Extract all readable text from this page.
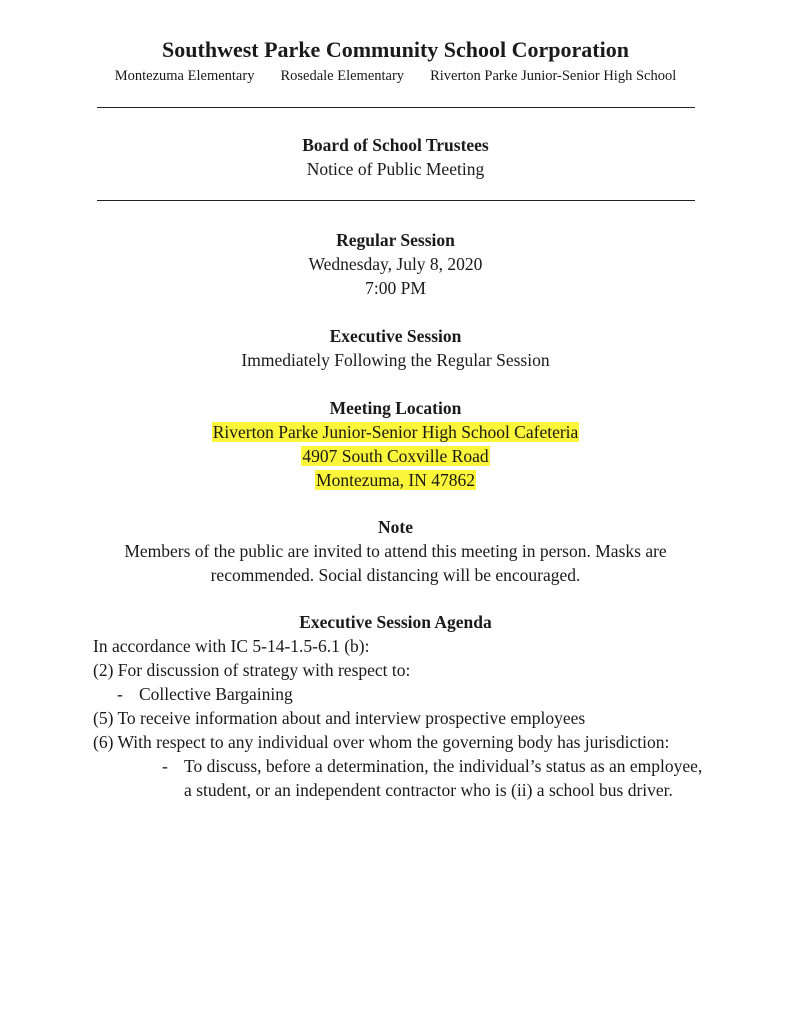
Southwest Parke Community School Corporation
Montezuma Elementary Rosedale Elementary Riverton Parke Junior-Senior High School
Board of School Trustees
Notice of Public Meeting
Regular Session
Wednesday, July 8, 2020
7:00 PM
Executive Session
Immediately Following the Regular Session
Meeting Location
Riverton Parke Junior-Senior High School Cafeteria
4907 South Coxville Road
Montezuma, IN 47862
Note
Members of the public are invited to attend this meeting in person. Masks are
recommended. Social distancing will be encouraged.
Executive Session Agenda
In accordance with IC 5-14-1.5-6.1 (b):
(2) For discussion of strategy with respect to:
- Collective Bargaining
(5) To receive information about and interview prospective employees
(6) With respect to any individual over whom the governing body has jurisdiction:
- To discuss, before a determination, the individual’s status as an employee, a student, or an independent contractor who is (ii) a school bus driver.
